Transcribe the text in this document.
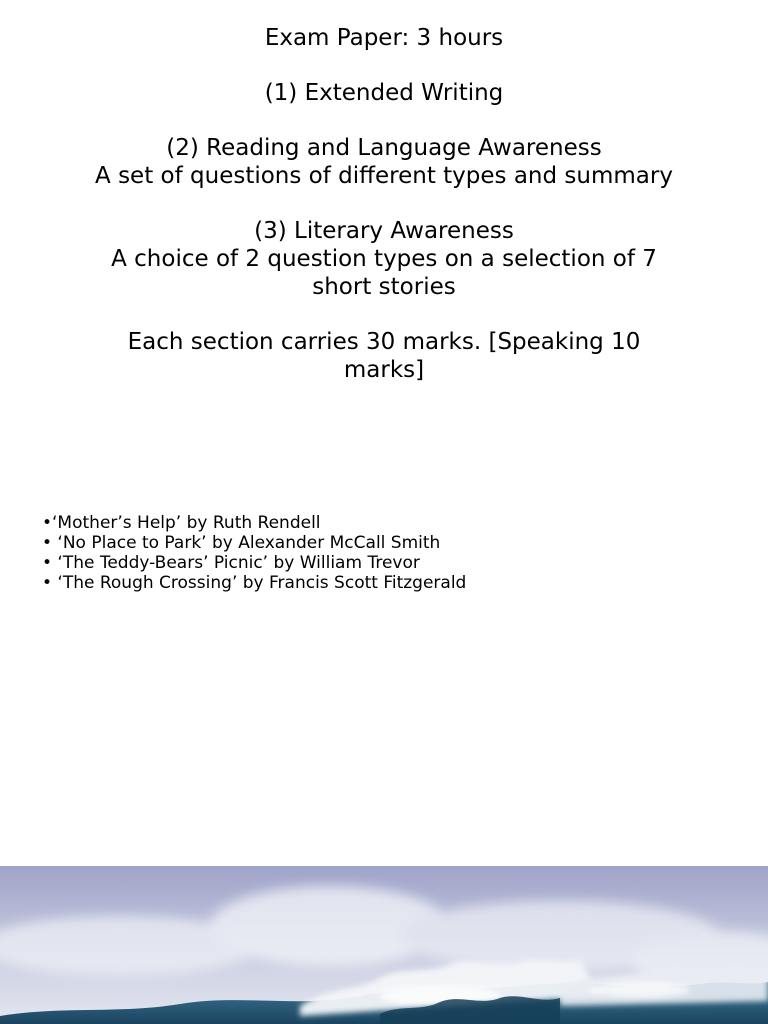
Exam Paper: 3 hours
(1) Extended Writing
(2) Reading and Language Awareness
A set of questions of different types and summary
(3) Literary Awareness
A choice of 2 question types on a selection of 7
short stories
Each section carries 30 marks. [Speaking 10
marks]
•‘Mother’s Help’ by Ruth Rendell
• ‘No Place to Park’ by Alexander McCall Smith
• ‘The Teddy-Bears’ Picnic’ by William Trevor
• ‘The Rough Crossing’ by Francis Scott Fitzgerald
